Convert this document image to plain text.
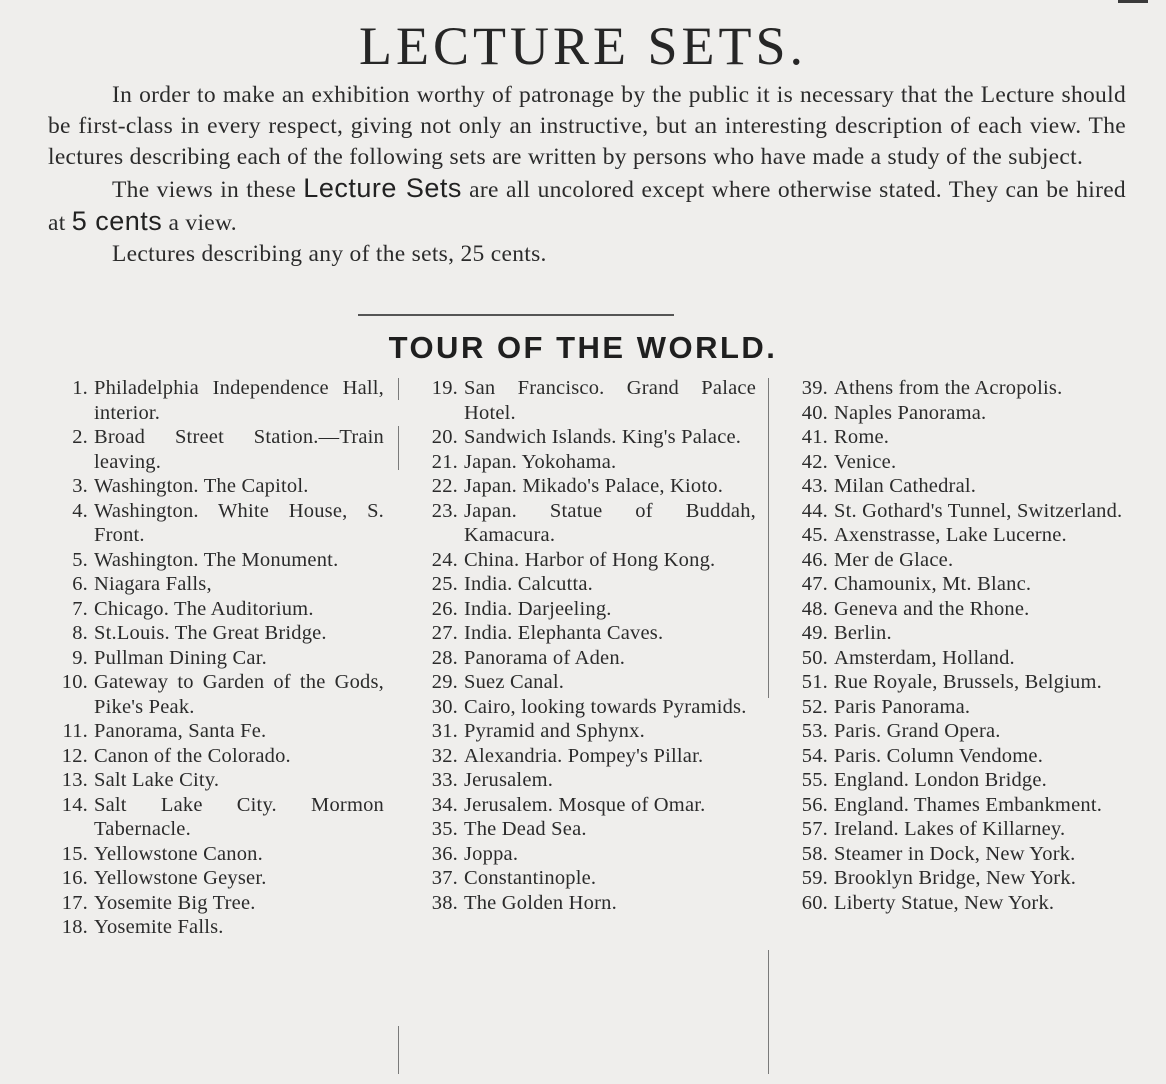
LECTURE SETS.

In order to make an exhibition worthy of patronage by the public it is necessary that the Lecture should be first-class in every respect, giving not only an instructive, but an interesting description of each view. The lectures describing each of the following sets are written by persons who have made a study of the subject.

The views in these Lecture Sets are all uncolored except where otherwise stated. They can be hired at 5 cents a view.

Lectures describing any of the sets, 25 cents.

TOUR OF THE WORLD.
1. Philadelphia Independence Hall, interior.
2. Broad Street Station.—Train leaving.
3. Washington. The Capitol.
4. Washington. White House, S. Front.
5. Washington. The Monument.
6. Niagara Falls,
7. Chicago. The Auditorium.
8. St.Louis. The Great Bridge.
9. Pullman Dining Car.
10. Gateway to Garden of the Gods, Pike's Peak.
11. Panorama, Santa Fe.
12. Canon of the Colorado.
13. Salt Lake City.
14. Salt Lake City. Mormon Tabernacle.
15. Yellowstone Canon.
16. Yellowstone Geyser.
17. Yosemite Big Tree.
18. Yosemite Falls.
19. San Francisco. Grand Palace Hotel.
20. Sandwich Islands. King's Palace.
21. Japan. Yokohama.
22. Japan. Mikado's Palace, Kioto.
23. Japan. Statue of Buddah, Kamacura.
24. China. Harbor of Hong Kong.
25. India. Calcutta.
26. India. Darjeeling.
27. India. Elephanta Caves.
28. Panorama of Aden.
29. Suez Canal.
30. Cairo, looking towards Pyramids.
31. Pyramid and Sphynx.
32. Alexandria. Pompey's Pillar.
33. Jerusalem.
34. Jerusalem. Mosque of Omar.
35. The Dead Sea.
36. Joppa.
37. Constantinople.
38. The Golden Horn.
39. Athens from the Acropolis.
40. Naples Panorama.
41. Rome.
42. Venice.
43. Milan Cathedral.
44. St. Gothard's Tunnel, Switzerland.
45. Axenstrasse, Lake Lucerne.
46. Mer de Glace.
47. Chamounix, Mt. Blanc.
48. Geneva and the Rhone.
49. Berlin.
50. Amsterdam, Holland.
51. Rue Royale, Brussels, Belgium.
52. Paris Panorama.
53. Paris. Grand Opera.
54. Paris. Column Vendome.
55. England. London Bridge.
56. England. Thames Embankment.
57. Ireland. Lakes of Killarney.
58. Steamer in Dock, New York.
59. Brooklyn Bridge, New York.
60. Liberty Statue, New York.
